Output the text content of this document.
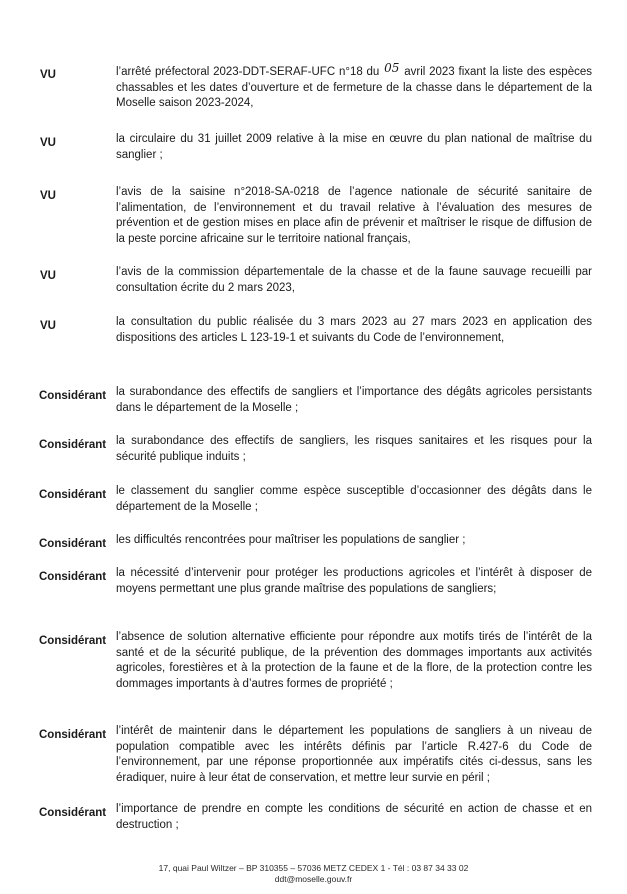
VU	l’arrêté préfectoral 2023-DDT-SERAF-UFC n°18 du 05 avril 2023 fixant la liste des espèces chassables et les dates d’ouverture et de fermeture de la chasse dans le département de la Moselle saison 2023-2024,
VU	la circulaire du 31 juillet 2009 relative à la mise en œuvre du plan national de maîtrise du sanglier ;
VU	l’avis de la saisine n°2018-SA-0218 de l’agence nationale de sécurité sanitaire de l’alimentation, de l’environnement et du travail relative à l’évaluation des mesures de prévention et de gestion mises en place afin de prévenir et maîtriser le risque de diffusion de la peste porcine africaine sur le territoire national français,
VU	l’avis de la commission départementale de la chasse et de la faune sauvage recueilli par consultation écrite du 2 mars 2023,
VU	la consultation du public réalisée du 3 mars 2023 au 27 mars 2023 en application des dispositions des articles L 123-19-1 et suivants du Code de l’environnement,
Considérant la surabondance des effectifs de sangliers et l’importance des dégâts agricoles persistants dans le département de la Moselle ;
Considérant la surabondance des effectifs de sangliers, les risques sanitaires et les risques pour la sécurité publique induits ;
Considérant le classement du sanglier comme espèce susceptible d’occasionner des dégâts dans le département de la Moselle ;
Considérant les difficultés rencontrées pour maîtriser les populations de sanglier ;
Considérant la nécessité d’intervenir pour protéger les productions agricoles et l’intérêt à disposer de moyens permettant une plus grande maîtrise des populations de sangliers;
Considérant l’absence de solution alternative efficiente pour répondre aux motifs tirés de l’intérêt de la santé et de la sécurité publique, de la prévention des dommages importants aux activités agricoles, forestières et à la protection de la faune et de la flore, de la protection contre les dommages importants à d’autres formes de propriété ;
Considérant l’intérêt de maintenir dans le département les populations de sangliers à un niveau de population compatible avec les intérêts définis par l’article R.427-6 du Code de l’environnement, par une réponse proportionnée aux impératifs cités ci-dessus, sans les éradiquer, nuire à leur état de conservation, et mettre leur survie en péril ;
Considérant l’importance de prendre en compte les conditions de sécurité en action de chasse et en destruction ;
17, quai Paul Wiltzer – BP 310355 – 57036 METZ CEDEX 1 - Tél : 03 87 34 33 02
ddt@moselle.gouv.fr
